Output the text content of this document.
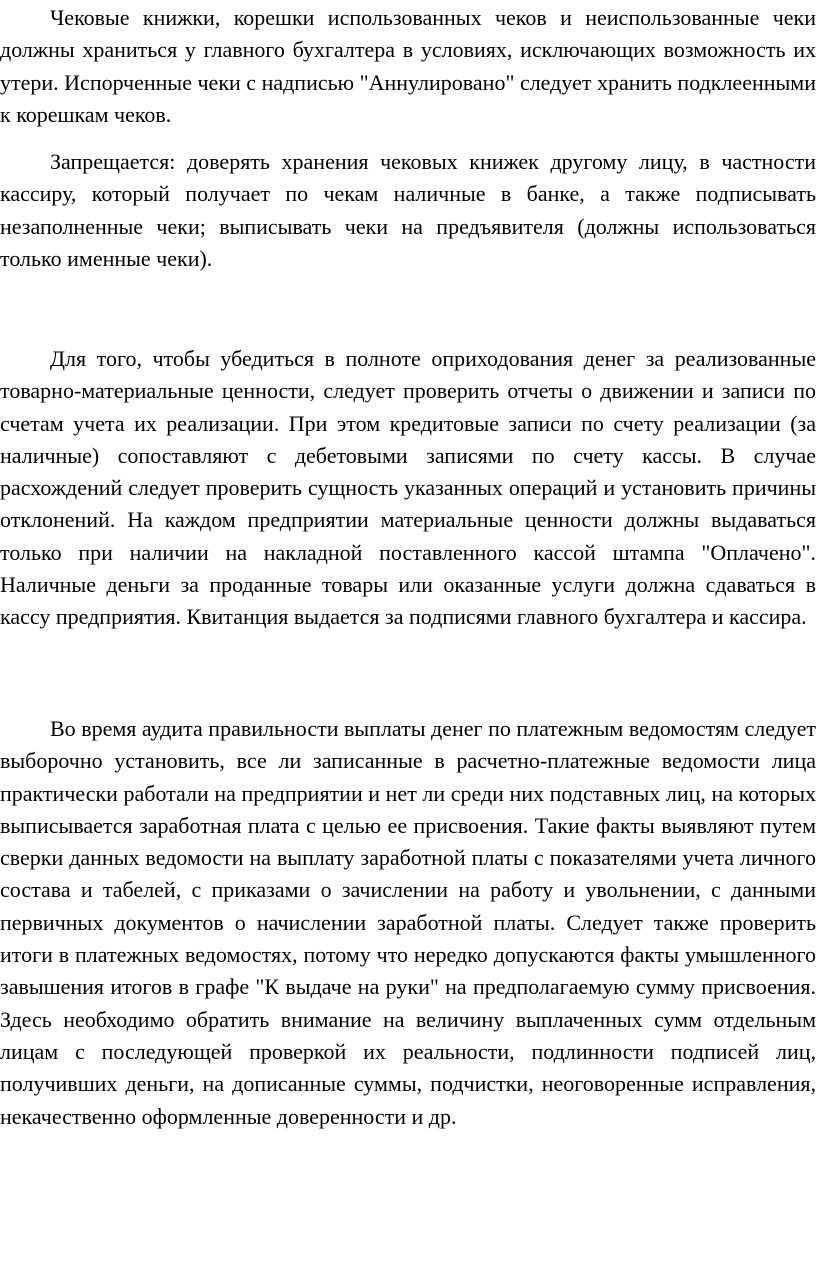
Чековые книжки, корешки использованных чеков и неиспользованные чеки должны храниться у главного бухгалтера в условиях, исключающих возможность их утери. Испорченные чеки с надписью "Аннулировано" следует хранить подклеенными к корешкам чеков.

Запрещается: доверять хранения чековых книжек другому лицу, в частности кассиру, который получает по чекам наличные в банке, а также подписывать незаполненные чеки; выписывать чеки на предъявителя (должны использоваться только именные чеки).

Для того, чтобы убедиться в полноте оприходования денег за реализованные товарно-материальные ценности, следует проверить отчеты о движении и записи по счетам учета их реализации. При этом кредитовые записи по счету реализации (за наличные) сопоставляют с дебетовыми записями по счету кассы. В случае расхождений следует проверить сущность указанных операций и установить причины отклонений. На каждом предприятии материальные ценности должны выдаваться только при наличии на накладной поставленного кассой штампа "Оплачено". Наличные деньги за проданные товары или оказанные услуги должна сдаваться в кассу предприятия. Квитанция выдается за подписями главного бухгалтера и кассира.

Во время аудита правильности выплаты денег по платежным ведомостям следует выборочно установить, все ли записанные в расчетно-платежные ведомости лица практически работали на предприятии и нет ли среди них подставных лиц, на которых выписывается заработная плата с целью ее присвоения. Такие факты выявляют путем сверки данных ведомости на выплату заработной платы с показателями учета личного состава и табелей, с приказами о зачислении на работу и увольнении, с данными первичных документов о начислении заработной платы. Следует также проверить итоги в платежных ведомостях, потому что нередко допускаются факты умышленного завышения итогов в графе "К выдаче на руки" на предполагаемую сумму присвоения. Здесь необходимо обратить внимание на величину выплаченных сумм отдельным лицам с последующей проверкой их реальности, подлинности подписей лиц, получивших деньги, на дописанные суммы, подчистки, неоговоренные исправления, некачественно оформленные доверенности и др.
